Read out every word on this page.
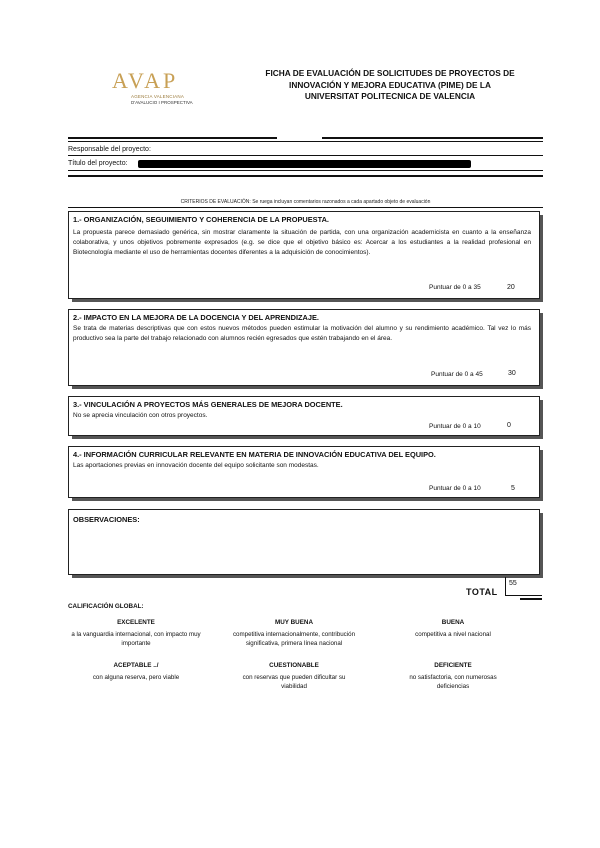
AVAP
AGENCIA VALENCIANA
D'AVALUCIO I PROSPECTIVA
FICHA DE EVALUACIÓN DE SOLICITUDES DE PROYECTOS DE
INNOVACIÓN Y MEJORA EDUCATIVA (PIME) DE LA
UNIVERSITAT POLITECNICA DE VALENCIA
Responsable del proyecto:
Título del proyecto:
CRITERIOS DE EVALUACIÓN: Se ruega incluyan comentarios razonados a cada apartado objeto de evaluación
1.- ORGANIZACIÓN, SEGUIMIENTO Y COHERENCIA DE LA PROPUESTA.
La propuesta parece demasiado genérica, sin mostrar claramente la situación de partida, con una organización academicista en cuanto a la enseñanza colaborativa, y unos objetivos pobremente expresados (e.g. se dice que el objetivo básico es: Acercar a los estudiantes a la realidad profesional en Biotecnología mediante el uso de herramientas docentes diferentes a la adquisición de conocimientos).
Puntuar de 0 a 35	20
2.- IMPACTO EN LA MEJORA DE LA DOCENCIA Y DEL APRENDIZAJE.
Se trata de materias descriptivas que con estos nuevos métodos pueden estimular la motivación del alumno y su rendimiento académico. Tal vez lo más productivo sea la parte del trabajo relacionado con alumnos recién egresados que estén trabajando en el área.
Puntuar de 0 a 45	30
3.- VINCULACIÓN A PROYECTOS MÁS GENERALES DE MEJORA DOCENTE.
No se aprecia vinculación con otros proyectos.
Puntuar de 0 a 10	0
4.- INFORMACIÓN CURRICULAR RELEVANTE EN MATERIA DE INNOVACIÓN EDUCATIVA DEL EQUIPO.
Las aportaciones previas en innovación docente del equipo solicitante son modestas.
Puntuar de 0 a 10	5
OBSERVACIONES:
TOTAL
55
CALIFICACIÓN GLOBAL:
EXCELENTE
a la vanguardia internacional, con impacto muy importante
MUY BUENA
competitiva internacionalmente, contribución significativa, primera línea nacional
BUENA
competitiva a nivel nacional
ACEPTABLE ../
con alguna reserva, pero viable
CUESTIONABLE
con reservas que pueden dificultar su viabilidad
DEFICIENTE
no satisfactoria, con numerosas deficiencias
